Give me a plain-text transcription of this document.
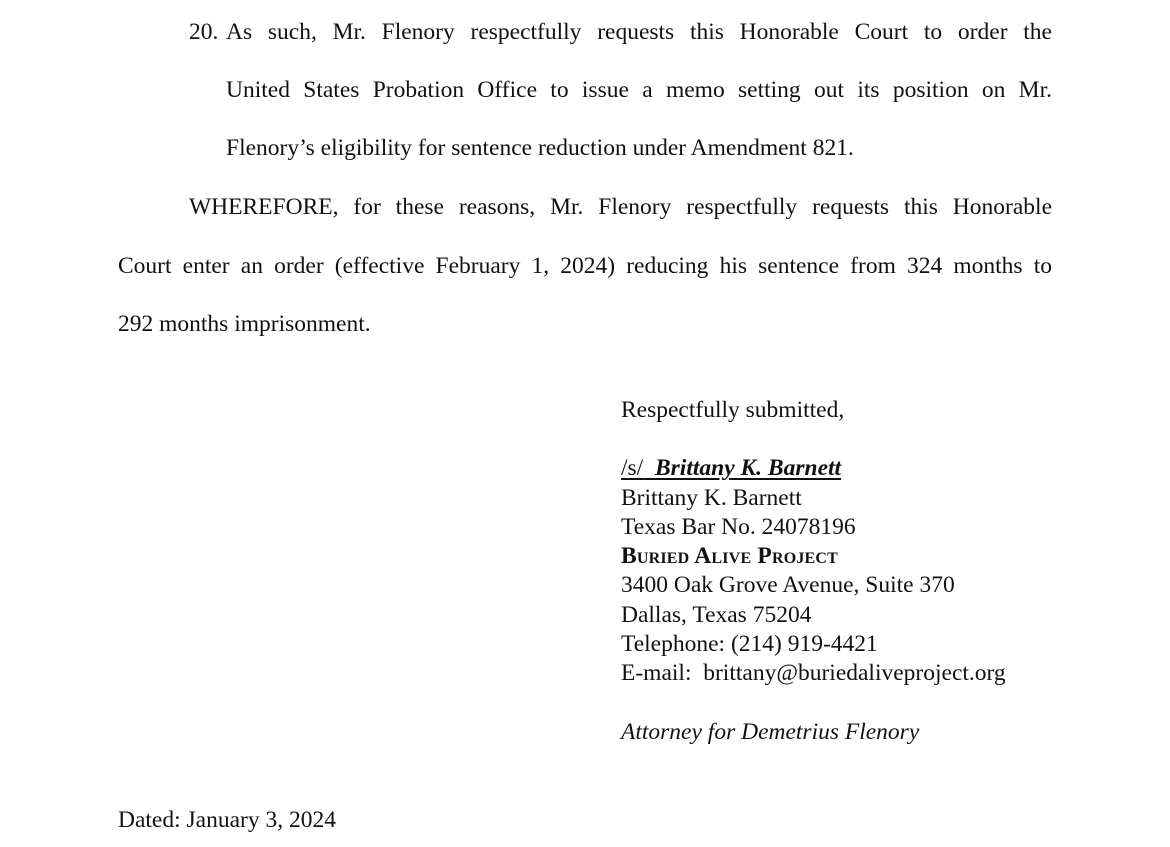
20. As such, Mr. Flenory respectfully requests this Honorable Court to order the
United States Probation Office to issue a memo setting out its position on Mr.
Flenory’s eligibility for sentence reduction under Amendment 821.
WHEREFORE, for these reasons, Mr. Flenory respectfully requests this Honorable
Court enter an order (effective February 1, 2024) reducing his sentence from 324 months to
292 months imprisonment.
Respectfully submitted,
/s/ Brittany K. Barnett
Brittany K. Barnett
Texas Bar No. 24078196
Buried Alive Project
3400 Oak Grove Avenue, Suite 370
Dallas, Texas 75204
Telephone: (214) 919-4421
E-mail:  brittany@buriedaliveproject.org
Attorney for Demetrius Flenory
Dated: January 3, 2024
